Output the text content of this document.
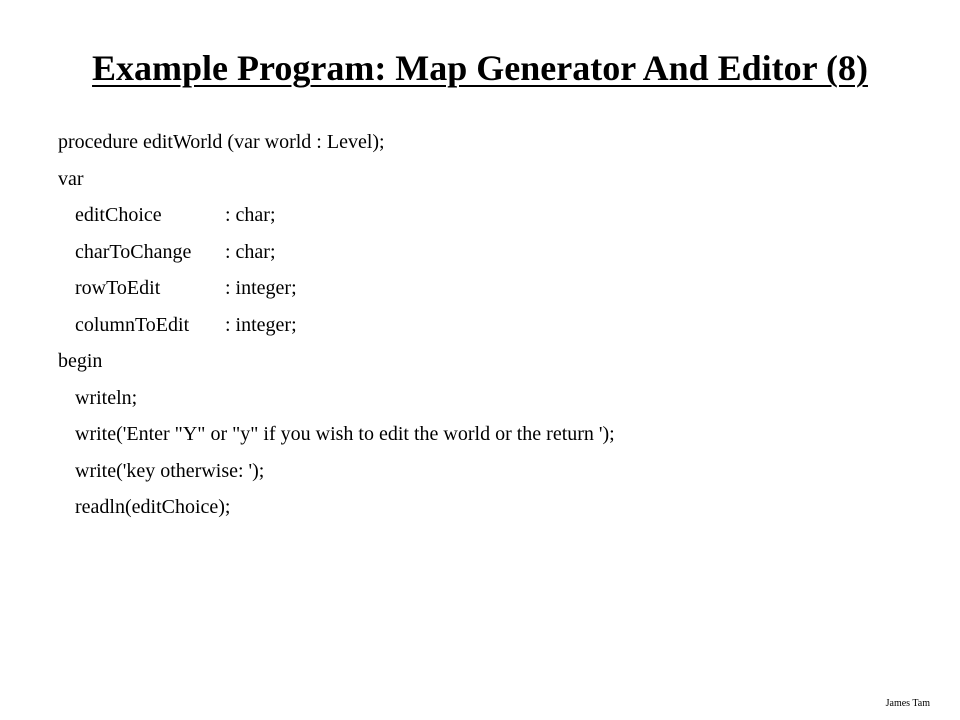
Example Program: Map Generator And Editor (8)
procedure editWorld (var world : Level);
var
editChoice	: char;
charToChange	: char;
rowToEdit	: integer;
columnToEdit	: integer;
begin
writeln;
write('Enter "Y" or "y" if you wish to edit the world or the return ');
write('key otherwise: ');
readln(editChoice);
James Tam
